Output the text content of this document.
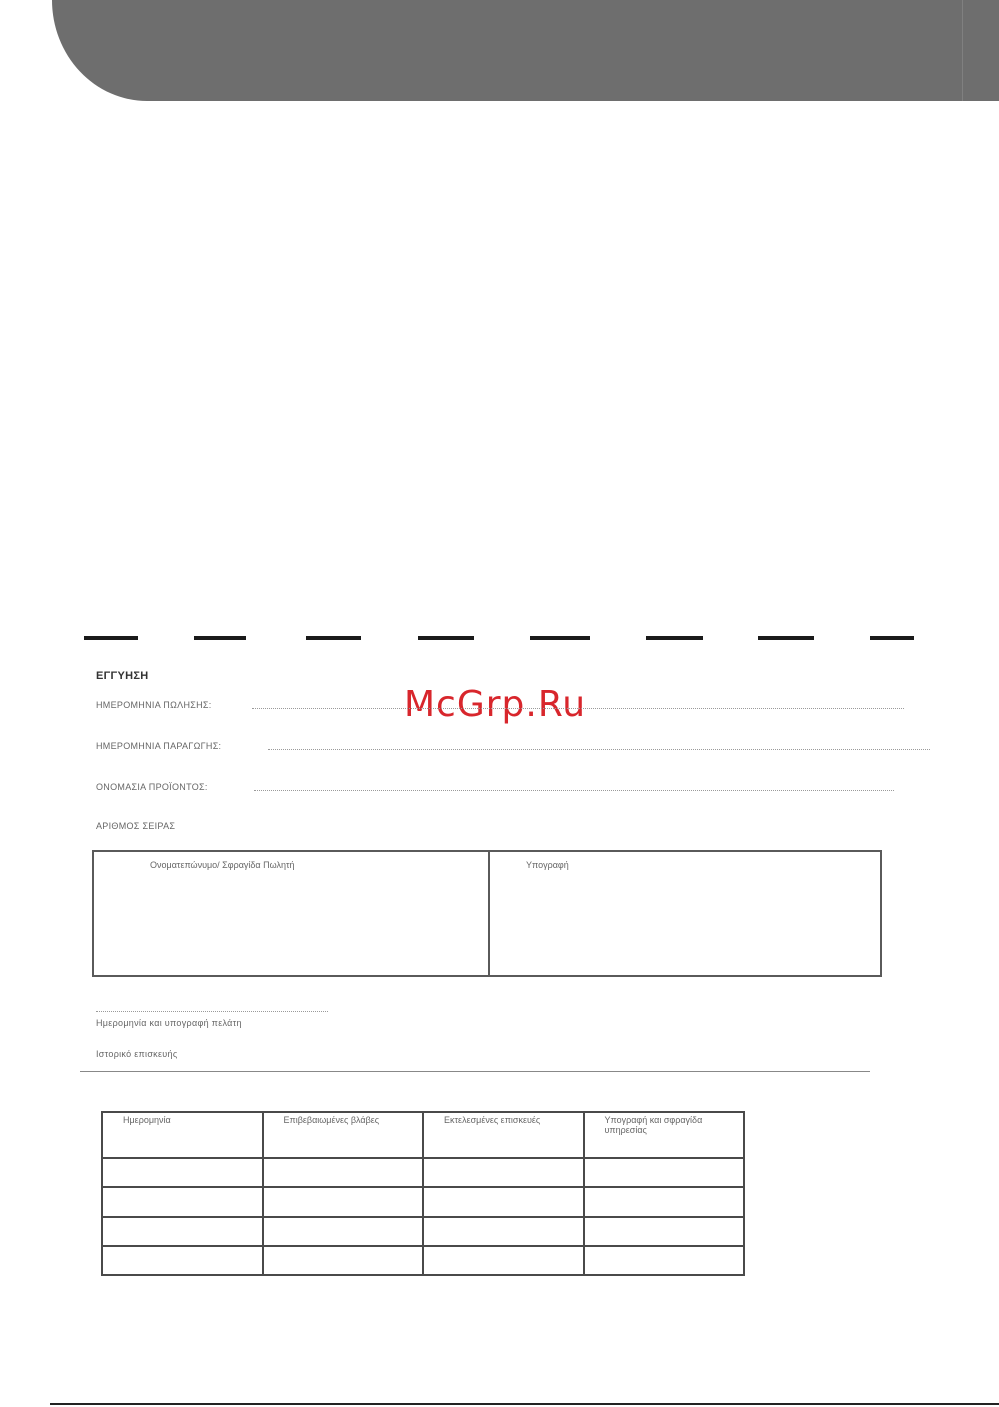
McGrp.Ru
ΕΓΓΥΗΣΗ
ΗΜΕΡΟΜΗΝΙΑ ΠΩΛΗΣΗΣ:
ΗΜΕΡΟΜΗΝΙΑ ΠΑΡΑΓΩΓΗΣ:
ΟΝΟΜΑΣΙΑ ΠΡΟΪΟΝΤΟΣ:
ΑΡΙΘΜΟΣ ΣΕΙΡΑΣ
Ονοματεπώνυμο/ Σφραγίδα Πωλητή	Υπογραφή
Ημερομηνία και υπογραφή πελάτη
Ιστορικό επισκευής
Ημερομηνία	Επιβεβαιωμένες βλάβες	Εκτελεσμένες επισκευές	Υπογραφή και σφραγίδα υπηρεσίας
